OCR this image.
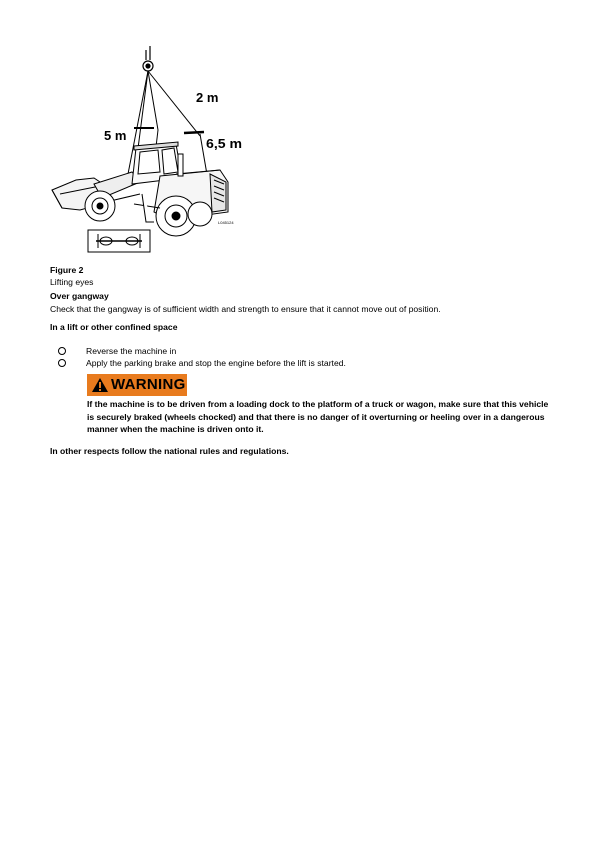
2 m
5 m
6,5 m
L045124
Figure 2
Lifting eyes
Over gangway
Check that the gangway is of sufficient width and strength to ensure that it cannot move out of position.
In a lift or other confined space
Reverse the machine in
Apply the parking brake and stop the engine before the lift is started.
WARNING
If the machine is to be driven from a loading dock to the platform of a truck or wagon, make sure that this vehicle is securely braked (wheels chocked) and that there is no danger of it overturning or heeling over in a dangerous manner when the machine is driven onto it.
In other respects follow the national rules and regulations.
